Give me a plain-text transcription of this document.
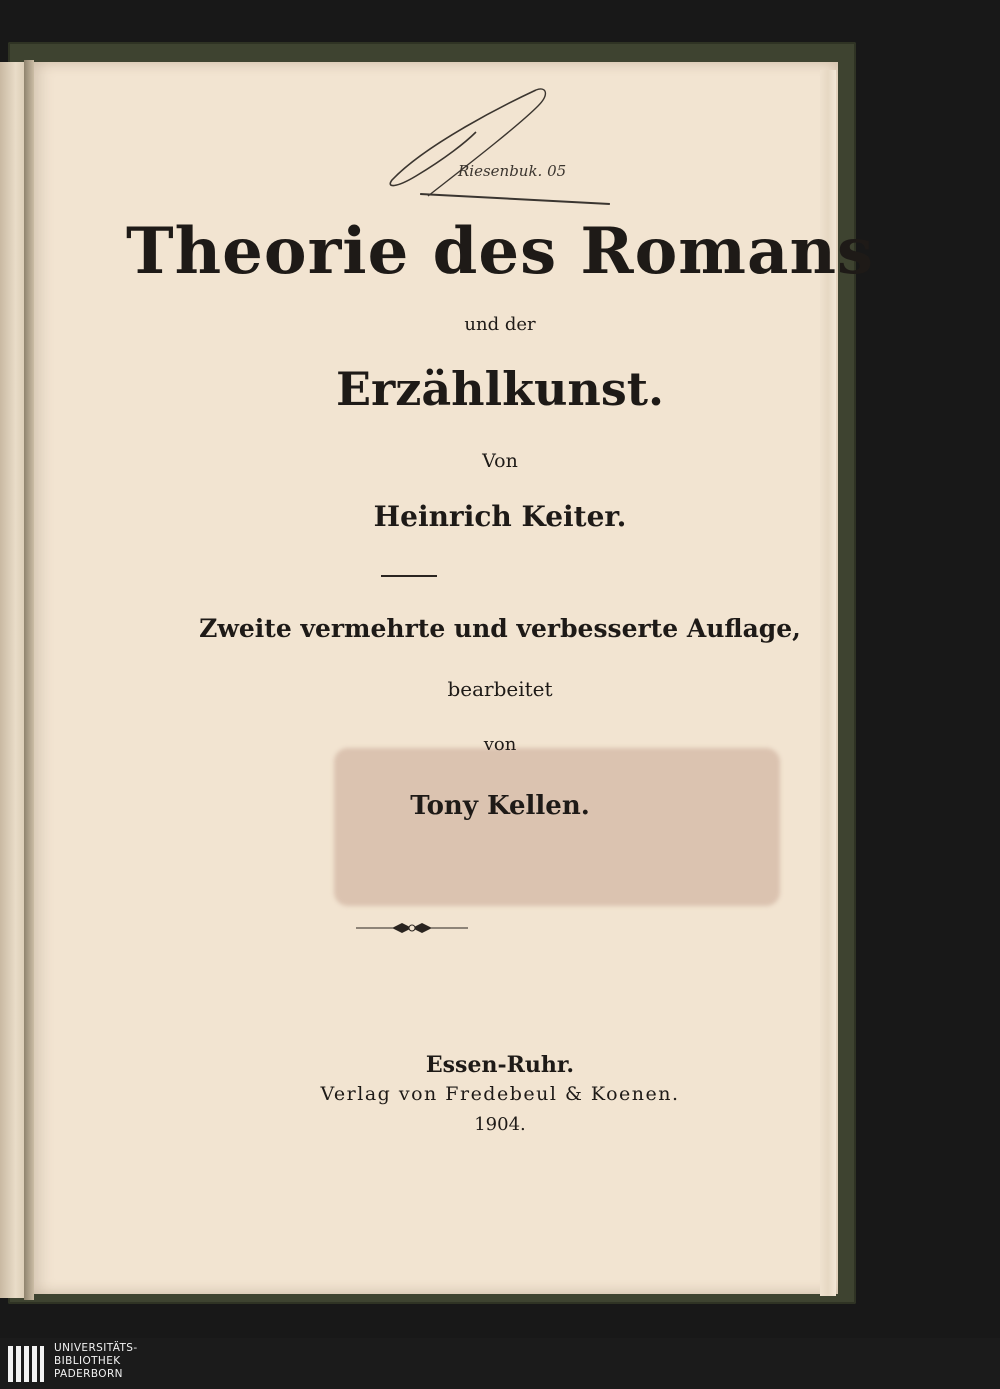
Riesenbuk. 05
Theorie des Romans
und der
Erzählkunst.
Von
Heinrich Keiter.
Zweite vermehrte und verbesserte Auflage,
bearbeitet
von
Tony Kellen.
Essen-Ruhr.
Verlag von Fredebeul & Koenen.
1904.
UNIVERSITÄTS-
BIBLIOTHEK
PADERBORN
